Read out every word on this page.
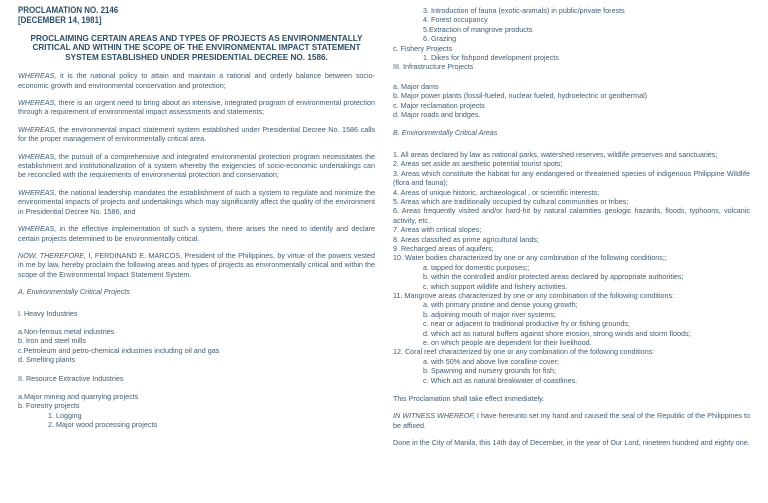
PROCLAMATION NO. 2146
[DECEMBER 14, 1981]
PROCLAIMING CERTAIN AREAS AND TYPES OF PROJECTS AS ENVIRONMENTALLY CRITICAL AND WITHIN THE SCOPE OF THE ENVIRONMENTAL IMPACT STATEMENT SYSTEM ESTABLISHED UNDER PRESIDENTIAL DECREE NO. 1586.

WHEREAS, it is the national policy to attain and maintain a rational and orderly balance between socio-economic growth and environmental conservation and protection;

WHEREAS, there is an urgent need to bring about an intensive, integrated program of environmental protection through a requirement of environmental impact assessments and statements;

WHEREAS, the environmental impact statement system established under Presidential Decree No. 1586 calls for the proper management of environmentally critical area.

WHEREAS, the pursuit of a comprehensive and integrated environmental protection program necessitates the establishment and institutionalization of a system whereby the exigencies of socio-economic undertakings can be reconciled with the requirements of environmental protection and conservation;

WHEREAS, the national leadership mandates the establishment of such a system to regulate and minimize the environmental impacts of projects and undertakings which may significantly affect the quality of the environment in Presidential Decree No. 1586, and

WHEREAS, in the effective implementation of such a system, there arises the need to identify and declare certain projects determined to be environmentally critical.

NOW, THEREFORE, I, FERDINAND E. MARCOS, President of the Philippines, by virtue of the powers vested in me by law, hereby proclaim the following areas and types of projects as environmentally critical and within the scope of the Environmental Impact Statement System.

A. Environmentally Critical Projects
I. Heavy Industries
a.Non-ferrous metal industries
b. Iron and steel mills
c.Petroleum and petro-chemical industries including oil and gas
d. Smelting plants
II. Resource Extractive Industries
a.Major mining and quarrying projects
b. Forestry projects
1. Logging
2. Major wood processing projects
3. Introduction of fauna (exotic-animals) in public/private forests
4. Forest occupancy
5.Extraction of mangrove products
6. Grazing
c. Fishery Projects
1. Dikes for fishpond development projects
III. Infrastructure Projects
a. Major dams
b. Major power plants (fossil-fueled, nuclear fueled, hydroelectric or geothermal)
c. Major reclamation projects
d. Major roads and bridges.
B. Environmentally Critical Areas
1. All areas declared by law as national parks, watershed reserves, wildlife preserves and sanctuaries;
2. Areas set aside as aesthetic potential tourist spots;
3. Areas which constitute the habitat for any endangered or threatened species of indigenous Philippine Wildlife (flora and fauna);
4. Areas of unique historic, archaeological , or scientific interests;
5. Areas which are traditionally occupied by cultural communities or tribes;
6. Areas frequently visited and/or hard-hit by natural calamities geologic hazards, floods, typhoons, volcanic activity, etc.
7. Areas with critical slopes;
8. Areas classified as prime agricultural lands;
9. Recharged areas of aquifers;
10. Water bodies characterized by one or any combination of the following conditions;;
a. tapped for domestic purposes;;
b. within the controlled and/or protected areas declared by appropriate authorities;
c. which support wildlife and fishery activities.
11. Mangrove areas characterized by one or any combination of the following conditions:
a. with primary pristine and dense young growth;
b. adjoining mouth of major river systems;
c. near or adjacent to traditional productive fry or fishing grounds;
d. which act as natural buffers against shore erosion, strong winds and storm floods;
e. on which people are dependent for their livelihood.
12. Coral reef characterized by one or any combination of the following conditions:
a. with 50% and above live coralline cover;
b. Spawning and nursery grounds for fish;
c. Which act as natural breakwater of coastlines.

This Proclamation shall take effect immediately.

IN WITNESS WHEREOF, I have hereunto set my hand and caused the seal of the Republic of the Philippines to be affixed.

Done in the City of Manila, this 14th day of December, in the year of Our Lord, nineteen hundred and eighty one.
